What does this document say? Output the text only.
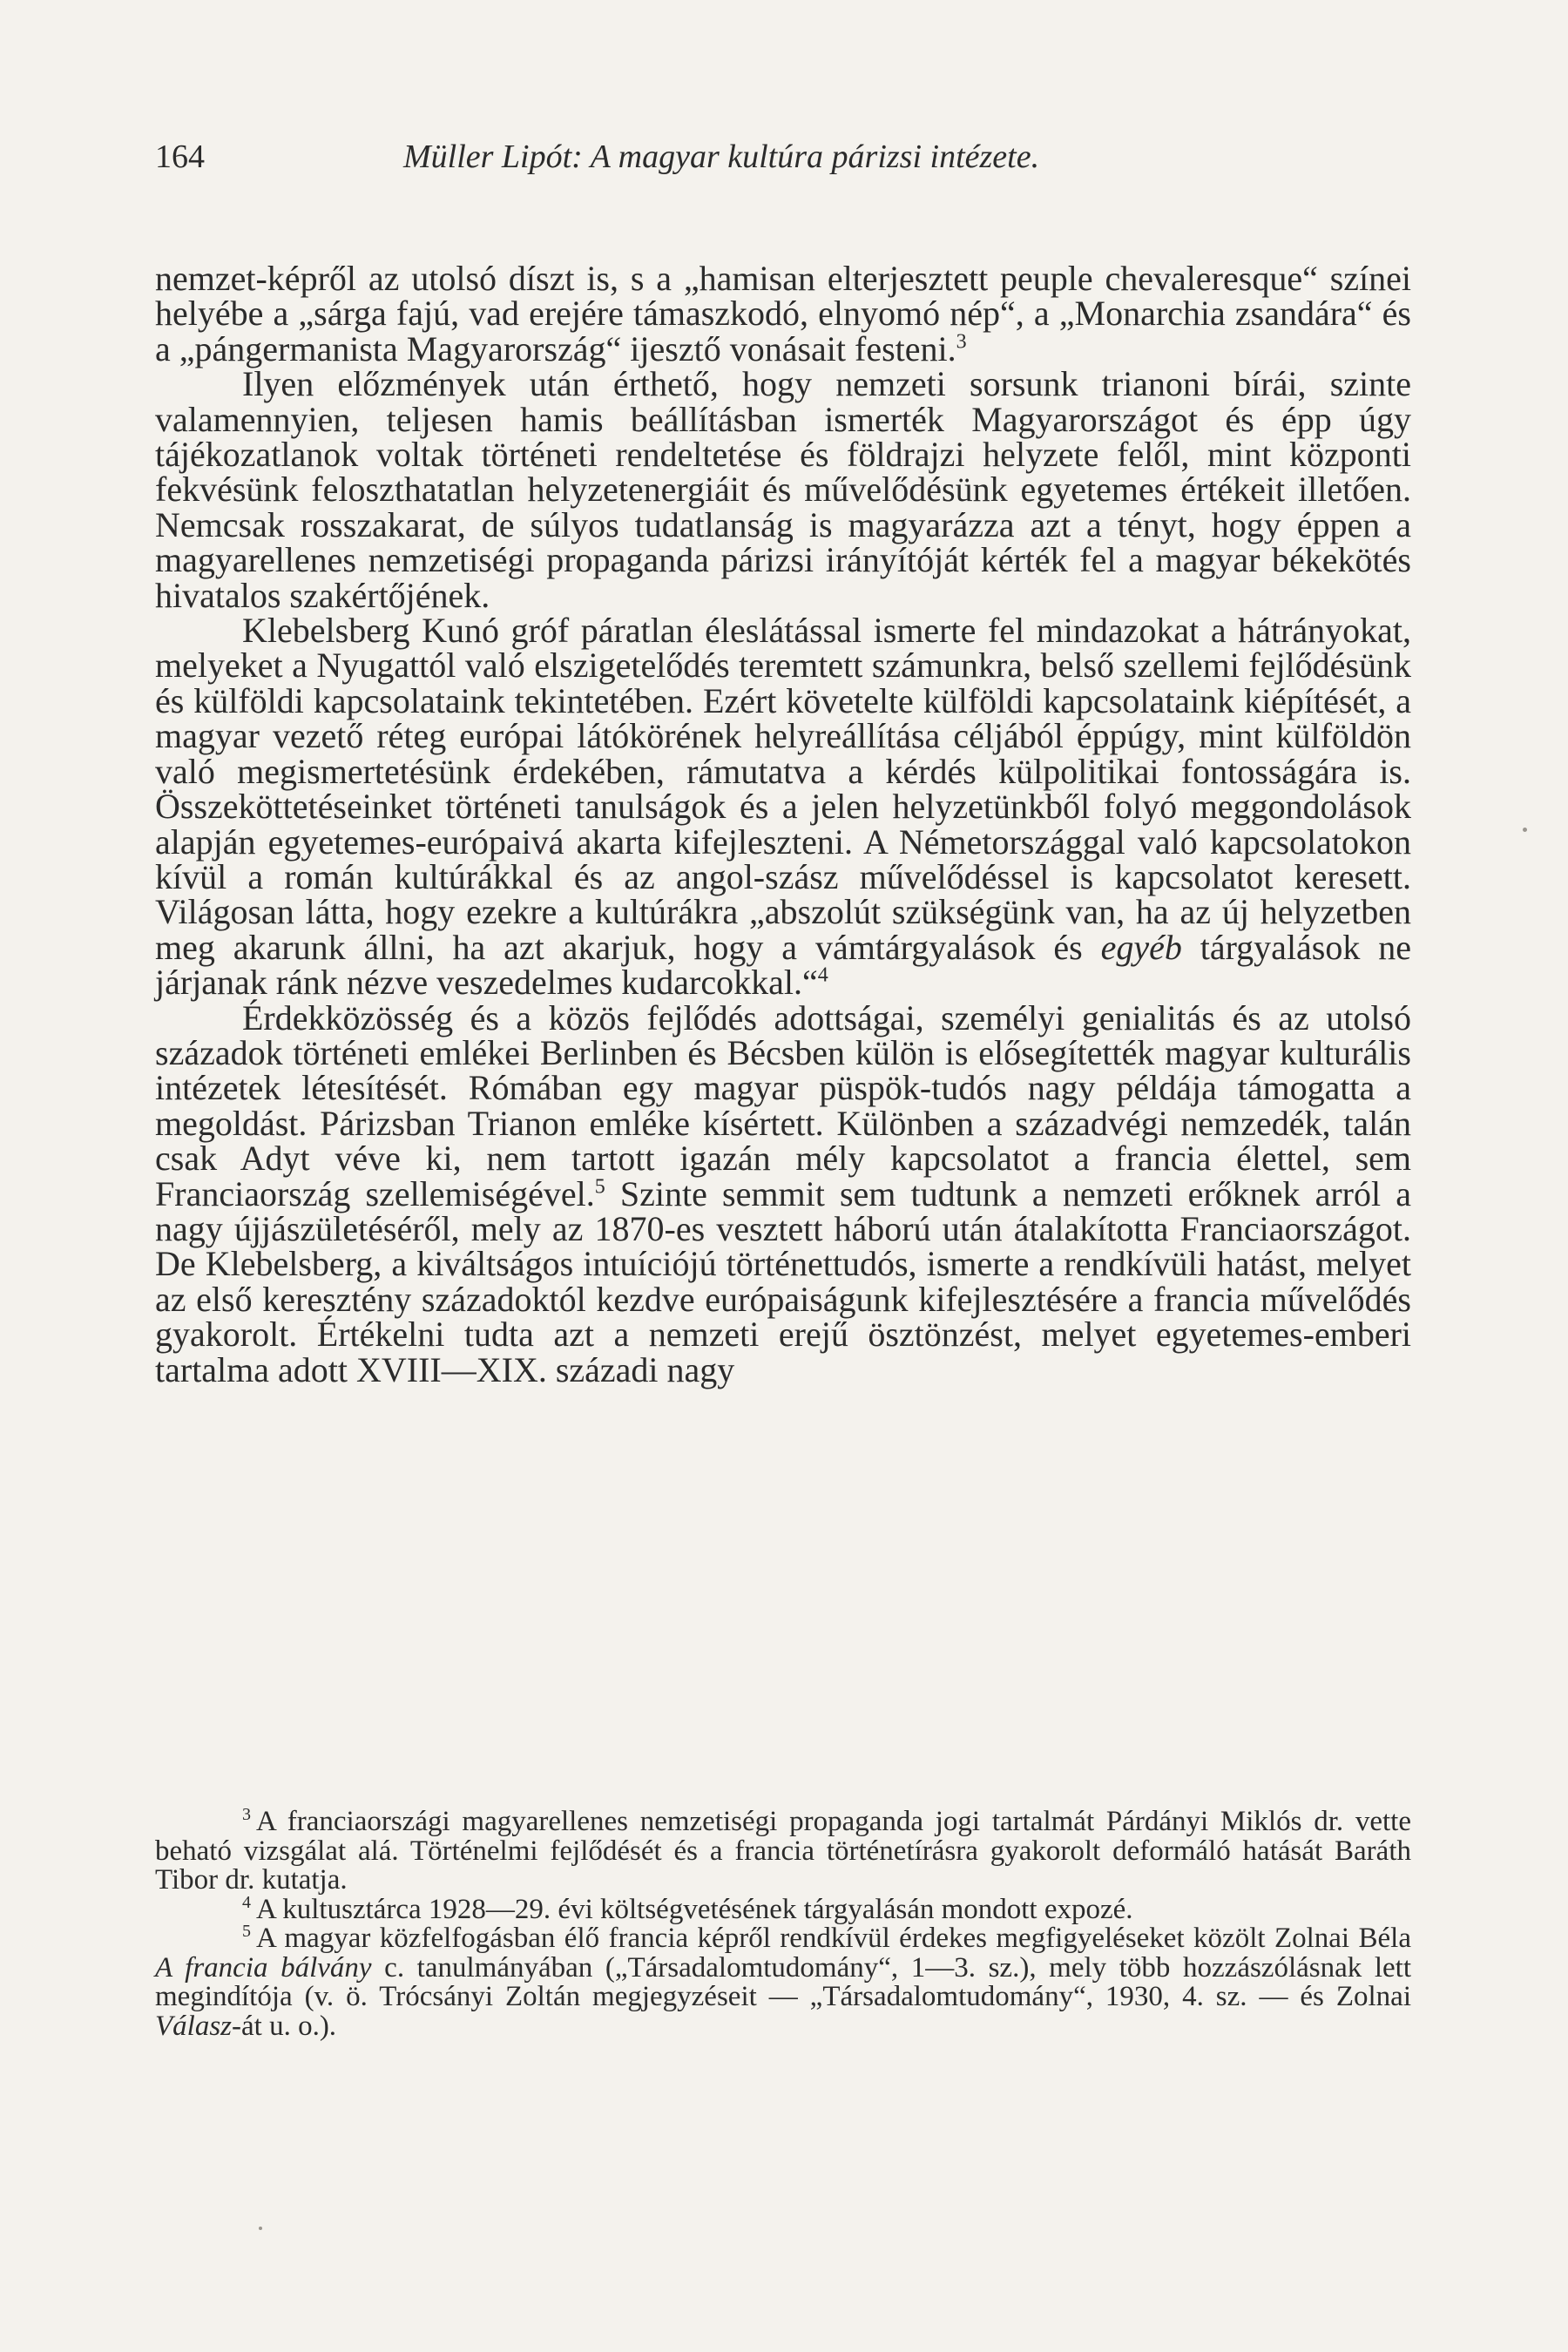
164	Müller Lipót: A magyar kultúra párizsi intézete.

nemzet-képről az utolsó díszt is, s a „hamisan elterjesztett peuple chevaleresque“ színei helyébe a „sárga fajú, vad erejére támaszkodó, elnyomó nép“, a „Monarchia zsandára“ és a „pángermanista Magyarország“ ijesztő vonásait festeni.$^3$

Ilyen előzmények után érthető, hogy nemzeti sorsunk trianoni bírái, szinte valamennyien, teljesen hamis beállításban ismerték Magyarországot és épp úgy tájékozatlanok voltak történeti rendeltetése és földrajzi helyzete felől, mint központi fekvésünk feloszthatatlan helyzetenergiáit és művelődésünk egyetemes értékeit illetően. Nemcsak rosszakarat, de súlyos tudatlanság is magyarázza azt a tényt, hogy éppen a magyarellenes nemzetiségi propaganda párizsi irányítóját kérték fel a magyar békekötés hivatalos szakértőjének.

Klebelsberg Kunó gróf páratlan éleslátással ismerte fel mindazokat a hátrányokat, melyeket a Nyugattól való elszigetelődés teremtett számunkra, belső szellemi fejlődésünk és külföldi kapcsolataink tekintetében. Ezért követelte külföldi kapcsolataink kiépítését, a magyar vezető réteg európai látókörének helyreállítása céljából éppúgy, mint külföldön való megismertetésünk érdekében, rámutatva a kérdés külpolitikai fontosságára is. Összeköttetéseinket történeti tanulságok és a jelen helyzetünkből folyó meggondolások alapján egyetemes-európaivá akarta kifejleszteni. A Németországgal való kapcsolatokon kívül a román kultúrákkal és az angol-szász művelődéssel is kapcsolatot keresett. Világosan látta, hogy ezekre a kultúrákra „abszolút szükségünk van, ha az új helyzetben meg akarunk állni, ha azt akarjuk, hogy a vámtárgyalások és egyéb tárgyalások ne járjanak ránk nézve veszedelmes kudarcokkal.“$^4$

Érdekközösség és a közös fejlődés adottságai, személyi genialitás és az utolsó századok történeti emlékei Berlinben és Bécsben külön is elősegítették magyar kulturális intézetek létesítését. Rómában egy magyar püspök-tudós nagy példája támogatta a megoldást. Párizsban Trianon emléke kísértett. Különben a századvégi nemzedék, talán csak Adyt véve ki, nem tartott igazán mély kapcsolatot a francia élettel, sem Franciaország szellemiségével.$^5$ Szinte semmit sem tudtunk a nemzeti erőknek arról a nagy újjászületéséről, mely az 1870-es vesztett háború után átalakította Franciaországot. De Klebelsberg, a kiváltságos intuíciójú történettudós, ismerte a rendkívüli hatást, melyet az első keresztény századoktól kezdve európaiságunk kifejlesztésére a francia művelődés gyakorolt. Értékelni tudta azt a nemzeti erejű ösztönzést, melyet egyetemes-emberi tartalma adott XVIII—XIX. századi nagy

$^3$ A franciaországi magyarellenes nemzetiségi propaganda jogi tartalmát Párdányi Miklós dr. vette beható vizsgálat alá. Történelmi fejlődését és a francia történetírásra gyakorolt deformáló hatását Baráth Tibor dr. kutatja.

$^4$ A kultusztárca 1928—29. évi költségvetésének tárgyalásán mondott expozé.

$^5$ A magyar közfelfogásban élő francia képről rendkívül érdekes megfigyeléseket közölt Zolnai Béla A francia bálvány c. tanulmányában („Társadalomtudomány“, 1—3. sz.), mely több hozzászólásnak lett megindítója (v. ö. Trócsányi Zoltán megjegyzéseit — „Társadalomtudomány“, 1930, 4. sz. — és Zolnai Válasz-át u. o.).
